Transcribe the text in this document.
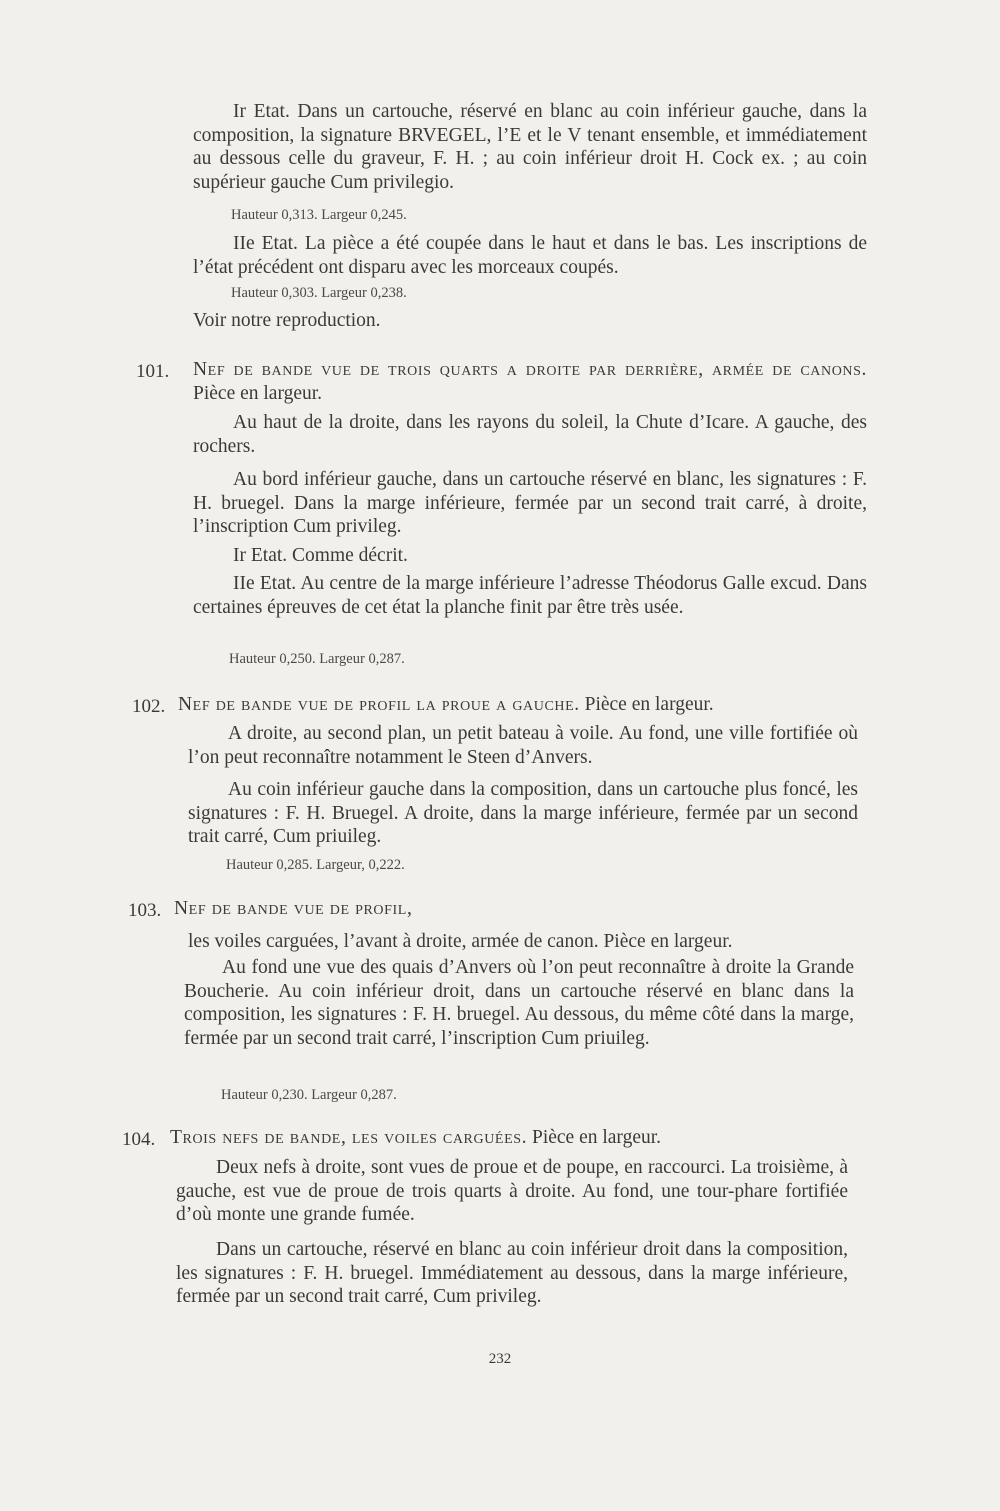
Ir Etat. Dans un cartouche, réservé en blanc au coin inférieur gauche, dans la composition, la signature BRVEGEL, l’E et le V tenant ensemble, et immédiatement au dessous celle du graveur, F. H. ; au coin inférieur droit H. Cock ex. ; au coin supérieur gauche Cum privilegio.

Hauteur 0,313. Largeur 0,245.

IIe Etat. La pièce a été coupée dans le haut et dans le bas. Les inscriptions de l’état précédent ont disparu avec les morceaux coupés.

Hauteur 0,303. Largeur 0,238.

Voir notre reproduction.

101. Nef de bande vue de trois quarts a droite par derrière, armée de canons. Pièce en largeur.

Au haut de la droite, dans les rayons du soleil, la Chute d’Icare. A gauche, des rochers.

Au bord inférieur gauche, dans un cartouche réservé en blanc, les signatures : F. H. bruegel. Dans la marge inférieure, fermée par un second trait carré, à droite, l’inscription Cum privileg.

Ir Etat. Comme décrit.

IIe Etat. Au centre de la marge inférieure l’adresse Théodorus Galle excud. Dans certaines épreuves de cet état la planche finit par être très usée.

Hauteur 0,250. Largeur 0,287.

102. Nef de bande vue de profil la proue a gauche. Pièce en largeur.

A droite, au second plan, un petit bateau à voile. Au fond, une ville fortifiée où l’on peut reconnaître notamment le Steen d’Anvers.

Au coin inférieur gauche dans la composition, dans un cartouche plus foncé, les signatures : F. H. Bruegel. A droite, dans la marge inférieure, fermée par un second trait carré, Cum priuileg.

Hauteur 0,285. Largeur, 0,222.

103. Nef de bande vue de profil,

les voiles carguées, l’avant à droite, armée de canon. Pièce en largeur.

Au fond une vue des quais d’Anvers où l’on peut reconnaître à droite la Grande Boucherie. Au coin inférieur droit, dans un cartouche réservé en blanc dans la composition, les signatures : F. H. bruegel. Au dessous, du même côté dans la marge, fermée par un second trait carré, l’inscription Cum priuileg.

Hauteur 0,230. Largeur 0,287.

104. Trois nefs de bande, les voiles carguées. Pièce en largeur.

Deux nefs à droite, sont vues de proue et de poupe, en raccourci. La troisième, à gauche, est vue de proue de trois quarts à droite. Au fond, une tour-phare fortifiée d’où monte une grande fumée.

Dans un cartouche, réservé en blanc au coin inférieur droit dans la composition, les signatures : F. H. bruegel. Immédiatement au dessous, dans la marge inférieure, fermée par un second trait carré, Cum privileg.

232
